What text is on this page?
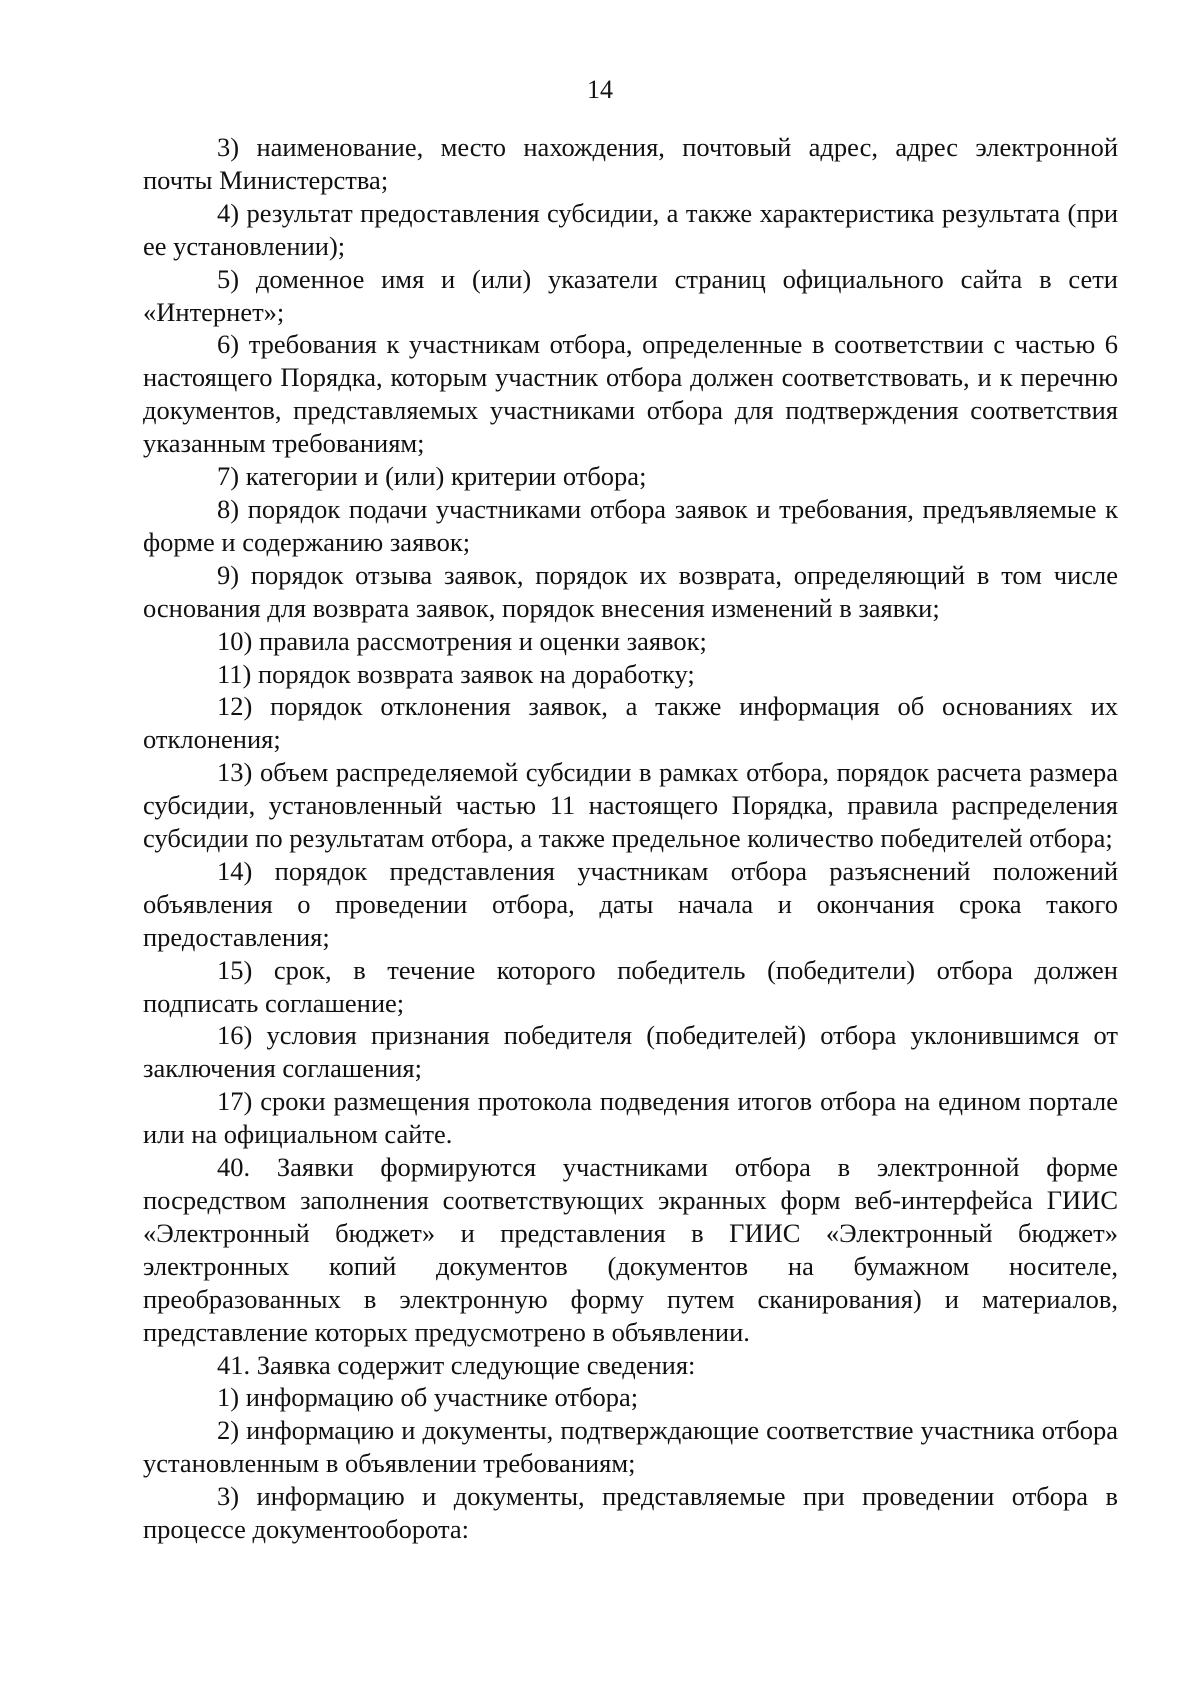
14

3) наименование, место нахождения, почтовый адрес, адрес электронной почты Министерства;

4) результат предоставления субсидии, а также характеристика результата (при ее установлении);

5) доменное имя и (или) указатели страниц официального сайта в сети «Интернет»;

6) требования к участникам отбора, определенные в соответствии с частью 6 настоящего Порядка, которым участник отбора должен соответствовать, и к перечню документов, представляемых участниками отбора для подтверждения соответствия указанным требованиям;

7) категории и (или) критерии отбора;

8) порядок подачи участниками отбора заявок и требования, предъявляемые к форме и содержанию заявок;

9) порядок отзыва заявок, порядок их возврата, определяющий в том числе основания для возврата заявок, порядок внесения изменений в заявки;

10) правила рассмотрения и оценки заявок;

11) порядок возврата заявок на доработку;

12) порядок отклонения заявок, а также информация об основаниях их отклонения;

13) объем распределяемой субсидии в рамках отбора, порядок расчета размера субсидии, установленный частью 11 настоящего Порядка, правила распределения субсидии по результатам отбора, а также предельное количество победителей отбора;

14) порядок представления участникам отбора разъяснений положений объявления о проведении отбора, даты начала и окончания срока такого предоставления;

15) срок, в течение которого победитель (победители) отбора должен подписать соглашение;

16) условия признания победителя (победителей) отбора уклонившимся от заключения соглашения;

17) сроки размещения протокола подведения итогов отбора на едином портале или на официальном сайте.

40. Заявки формируются участниками отбора в электронной форме посредством заполнения соответствующих экранных форм веб-интерфейса ГИИС «Электронный бюджет» и представления в ГИИС «Электронный бюджет» электронных копий документов (документов на бумажном носителе, преобразованных в электронную форму путем сканирования) и материалов, представление которых предусмотрено в объявлении.

41. Заявка содержит следующие сведения:

1) информацию об участнике отбора;

2) информацию и документы, подтверждающие соответствие участника отбора установленным в объявлении требованиям;

3) информацию и документы, представляемые при проведении отбора в процессе документооборота:
